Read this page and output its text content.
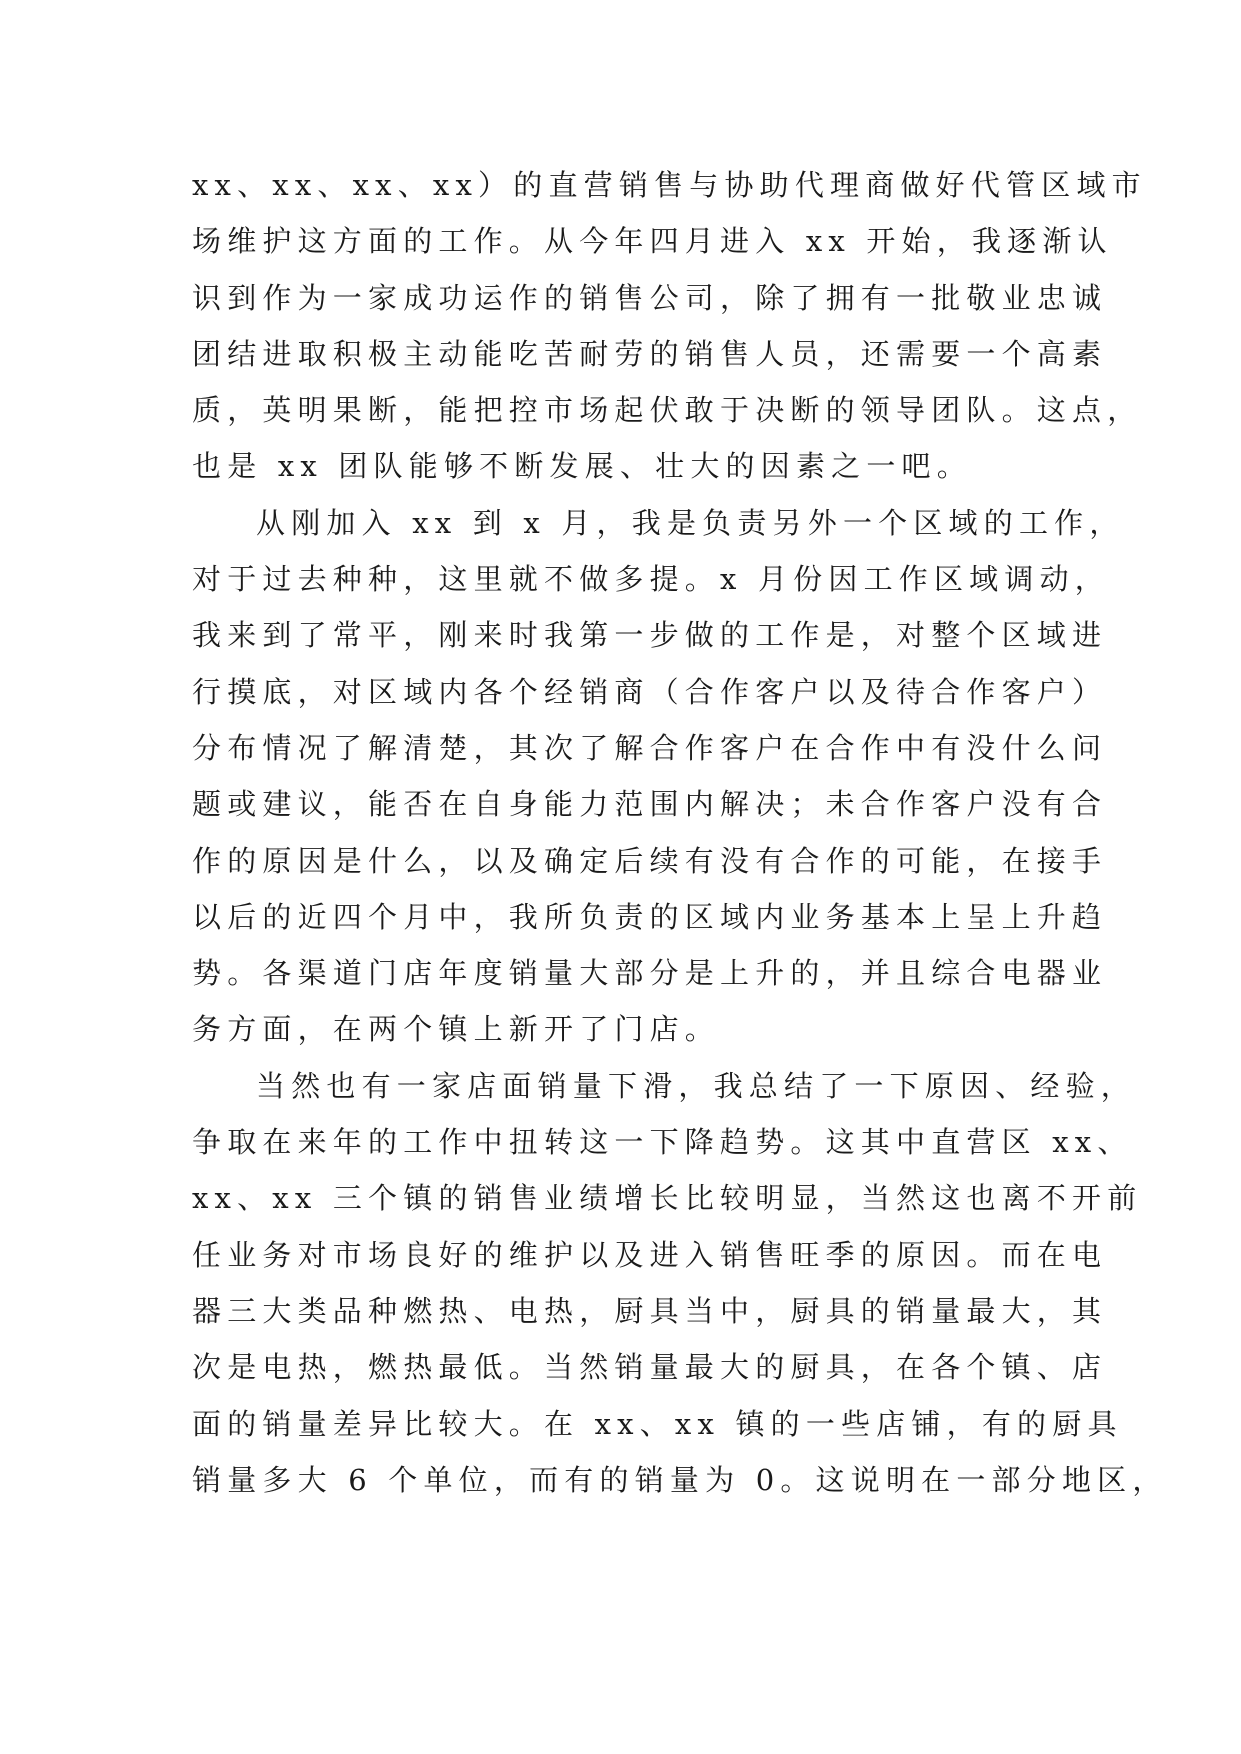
xx、xx、xx、xx）的直营销售与协助代理商做好代管区域市
场维护这方面的工作。从今年四月进入 xx 开始，我逐渐认
识到作为一家成功运作的销售公司，除了拥有一批敬业忠诚
团结进取积极主动能吃苦耐劳的销售人员，还需要一个高素
质，英明果断，能把控市场起伏敢于决断的领导团队。这点，
也是 xx 团队能够不断发展、壮大的因素之一吧。
从刚加入 xx 到 x 月，我是负责另外一个区域的工作，
对于过去种种，这里就不做多提。x 月份因工作区域调动，
我来到了常平，刚来时我第一步做的工作是，对整个区域进
行摸底，对区域内各个经销商（合作客户以及待合作客户）
分布情况了解清楚，其次了解合作客户在合作中有没什么问
题或建议，能否在自身能力范围内解决；未合作客户没有合
作的原因是什么，以及确定后续有没有合作的可能，在接手
以后的近四个月中，我所负责的区域内业务基本上呈上升趋
势。各渠道门店年度销量大部分是上升的，并且综合电器业
务方面，在两个镇上新开了门店。
当然也有一家店面销量下滑，我总结了一下原因、经验，
争取在来年的工作中扭转这一下降趋势。这其中直营区 xx、
xx、xx 三个镇的销售业绩增长比较明显，当然这也离不开前
任业务对市场良好的维护以及进入销售旺季的原因。而在电
器三大类品种燃热、电热，厨具当中，厨具的销量最大，其
次是电热，燃热最低。当然销量最大的厨具，在各个镇、店
面的销量差异比较大。在 xx、xx 镇的一些店铺，有的厨具
销量多大 6 个单位，而有的销量为 0。这说明在一部分地区，
